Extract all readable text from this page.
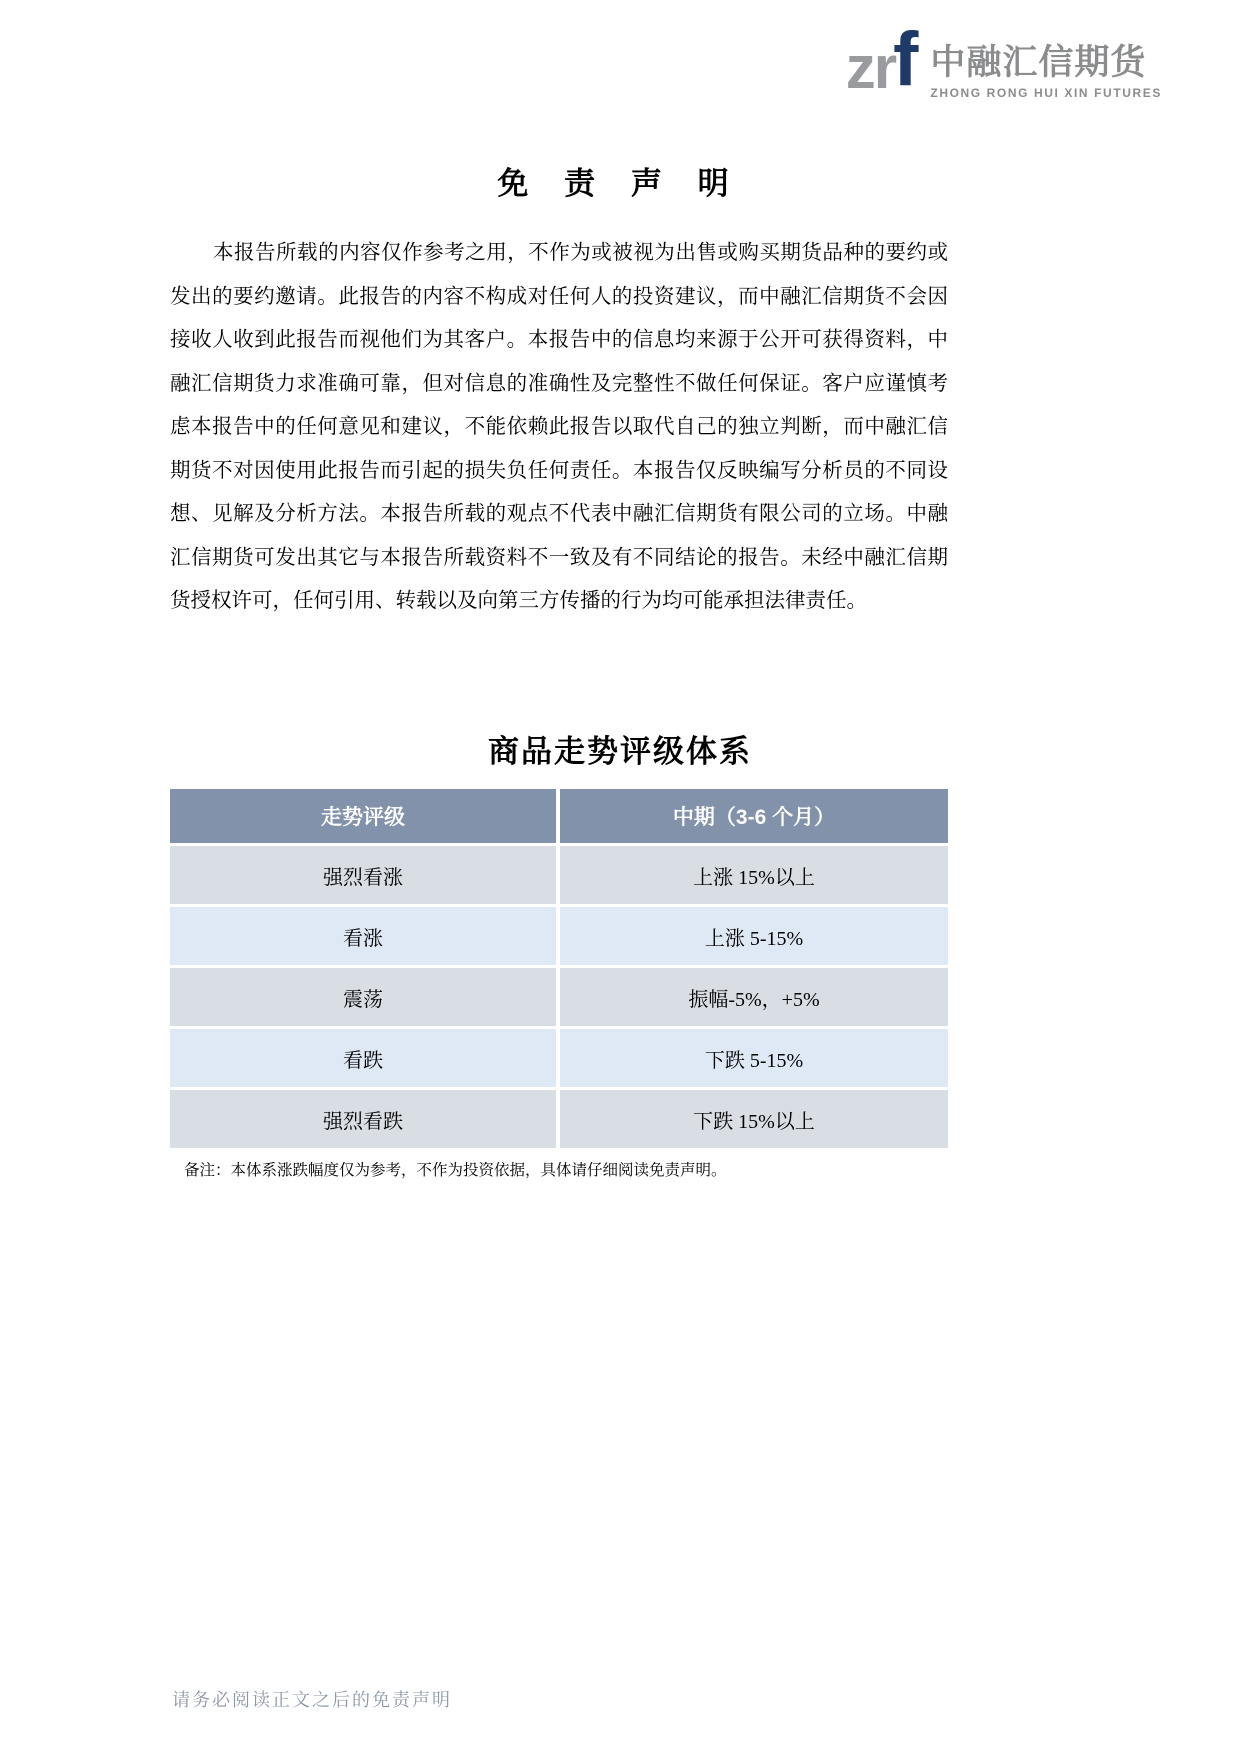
zr
f 中融汇信期货
ZHONG RONG HUI XIN FUTURES
免 责 声 明

本报告所载的内容仅作参考之用，不作为或被视为出售或购买期货品种的要约或发出的要约邀请。此报告的内容不构成对任何人的投资建议，而中融汇信期货不会因接收人收到此报告而视他们为其客户。本报告中的信息均来源于公开可获得资料，中融汇信期货力求准确可靠，但对信息的准确性及完整性不做任何保证。客户应谨慎考虑本报告中的任何意见和建议，不能依赖此报告以取代自己的独立判断，而中融汇信期货不对因使用此报告而引起的损失负任何责任。本报告仅反映编写分析员的不同设想、见解及分析方法。本报告所载的观点不代表中融汇信期货有限公司的立场。中融汇信期货可发出其它与本报告所载资料不一致及有不同结论的报告。未经中融汇信期货授权许可，任何引用、转载以及向第三方传播的行为均可能承担法律责任。

商品走势评级体系
走势评级	中期（3-6 个月）
强烈看涨	上涨 15%以上
看涨	上涨 5-15%
震荡	振幅-5%，+5%
看跌	下跌 5-15%
强烈看跌	下跌 15%以上
备注：本体系涨跌幅度仅为参考，不作为投资依据，具体请仔细阅读免责声明。
请务必阅读正文之后的免责声明
